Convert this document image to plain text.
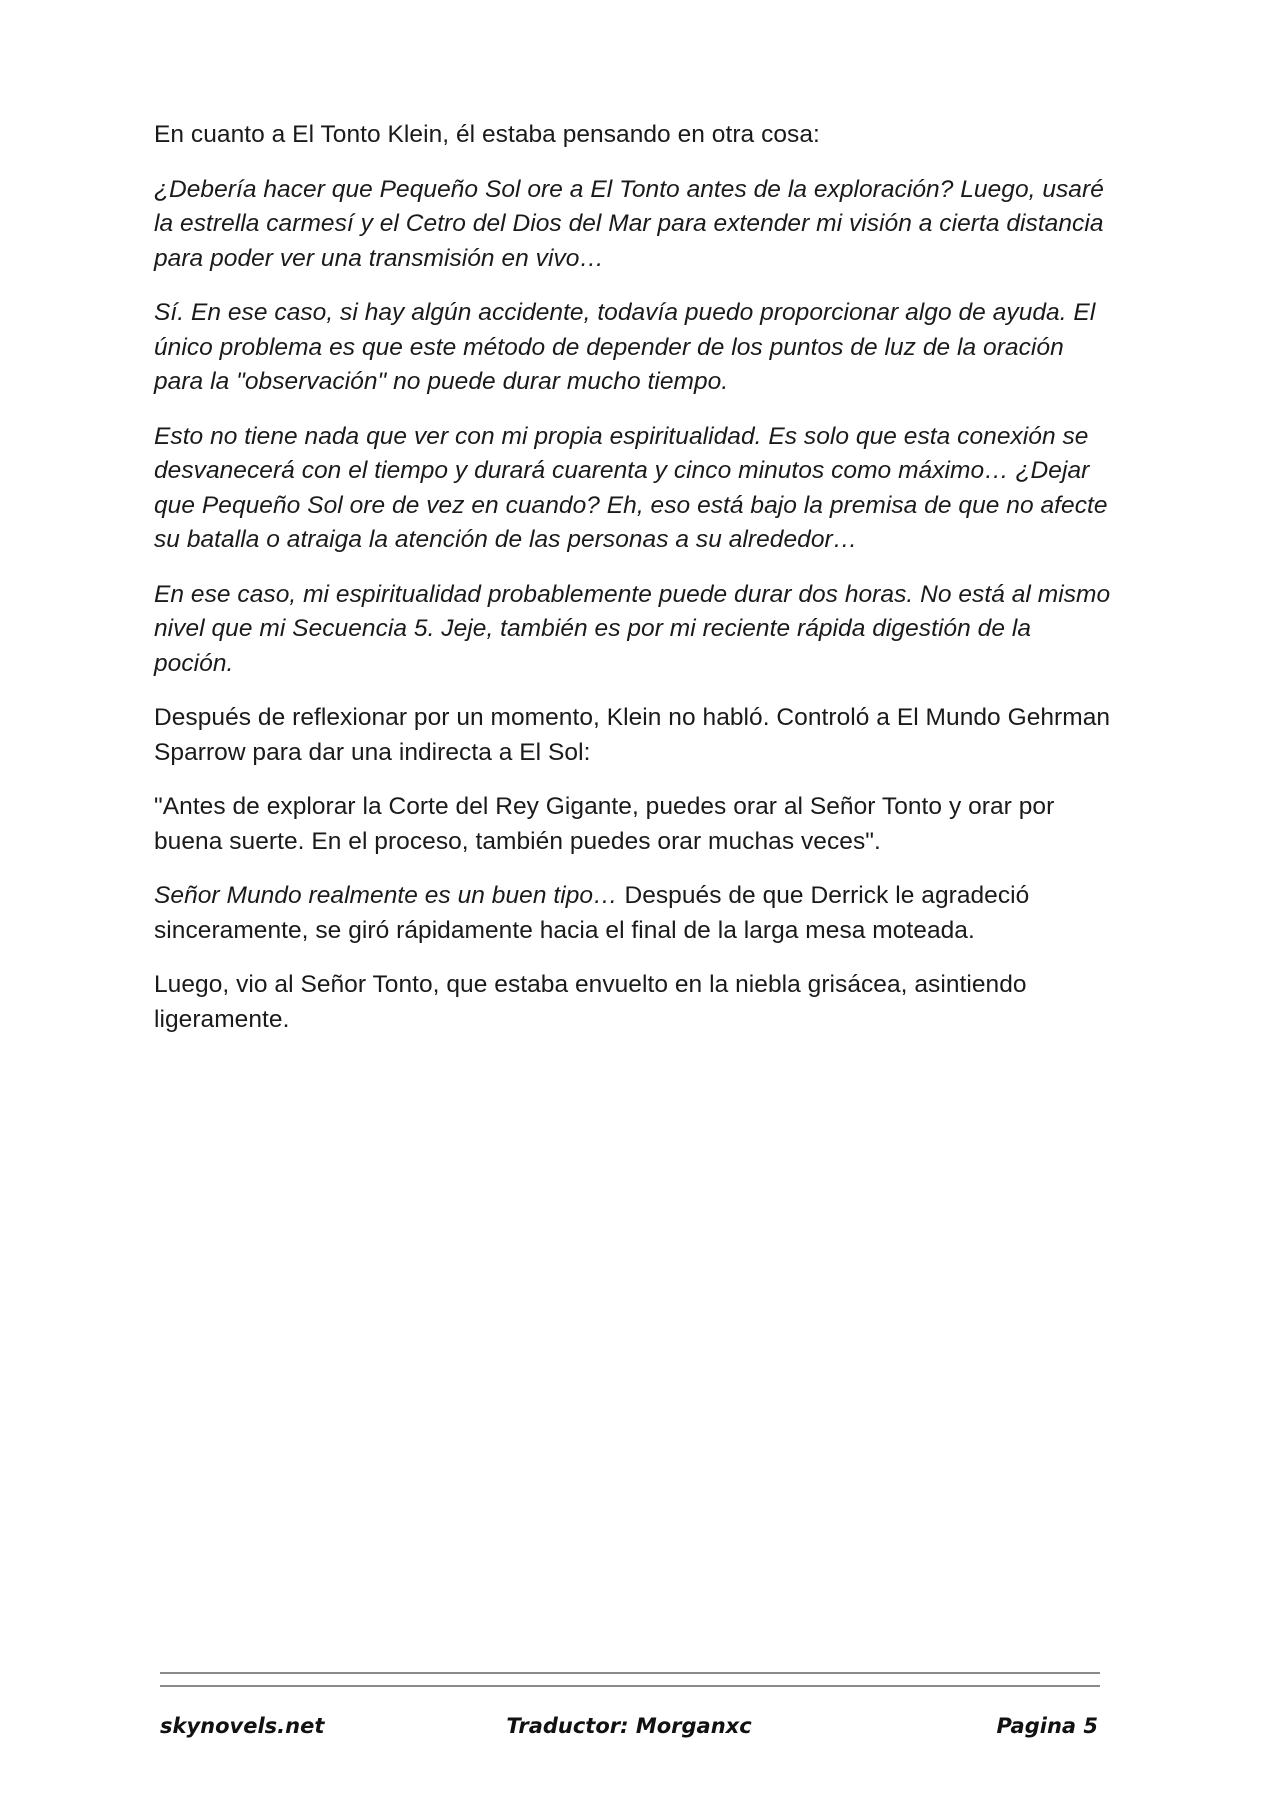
En cuanto a El Tonto Klein, él estaba pensando en otra cosa:

¿Debería hacer que Pequeño Sol ore a El Tonto antes de la exploración? Luego, usaré la estrella carmesí y el Cetro del Dios del Mar para extender mi visión a cierta distancia para poder ver una transmisión en vivo…

Sí. En ese caso, si hay algún accidente, todavía puedo proporcionar algo de ayuda. El único problema es que este método de depender de los puntos de luz de la oración para la "observación" no puede durar mucho tiempo.

Esto no tiene nada que ver con mi propia espiritualidad. Es solo que esta conexión se desvanecerá con el tiempo y durará cuarenta y cinco minutos como máximo… ¿Dejar que Pequeño Sol ore de vez en cuando? Eh, eso está bajo la premisa de que no afecte su batalla o atraiga la atención de las personas a su alrededor…

En ese caso, mi espiritualidad probablemente puede durar dos horas. No está al mismo nivel que mi Secuencia 5. Jeje, también es por mi reciente rápida digestión de la poción.

Después de reflexionar por un momento, Klein no habló. Controló a El Mundo Gehrman Sparrow para dar una indirecta a El Sol:

"Antes de explorar la Corte del Rey Gigante, puedes orar al Señor Tonto y orar por buena suerte. En el proceso, también puedes orar muchas veces".

Señor Mundo realmente es un buen tipo… Después de que Derrick le agradeció sinceramente, se giró rápidamente hacia el final de la larga mesa moteada.

Luego, vio al Señor Tonto, que estaba envuelto en la niebla grisácea, asintiendo ligeramente.

skynovels.net	Traductor: Morganxc	Pagina 5
